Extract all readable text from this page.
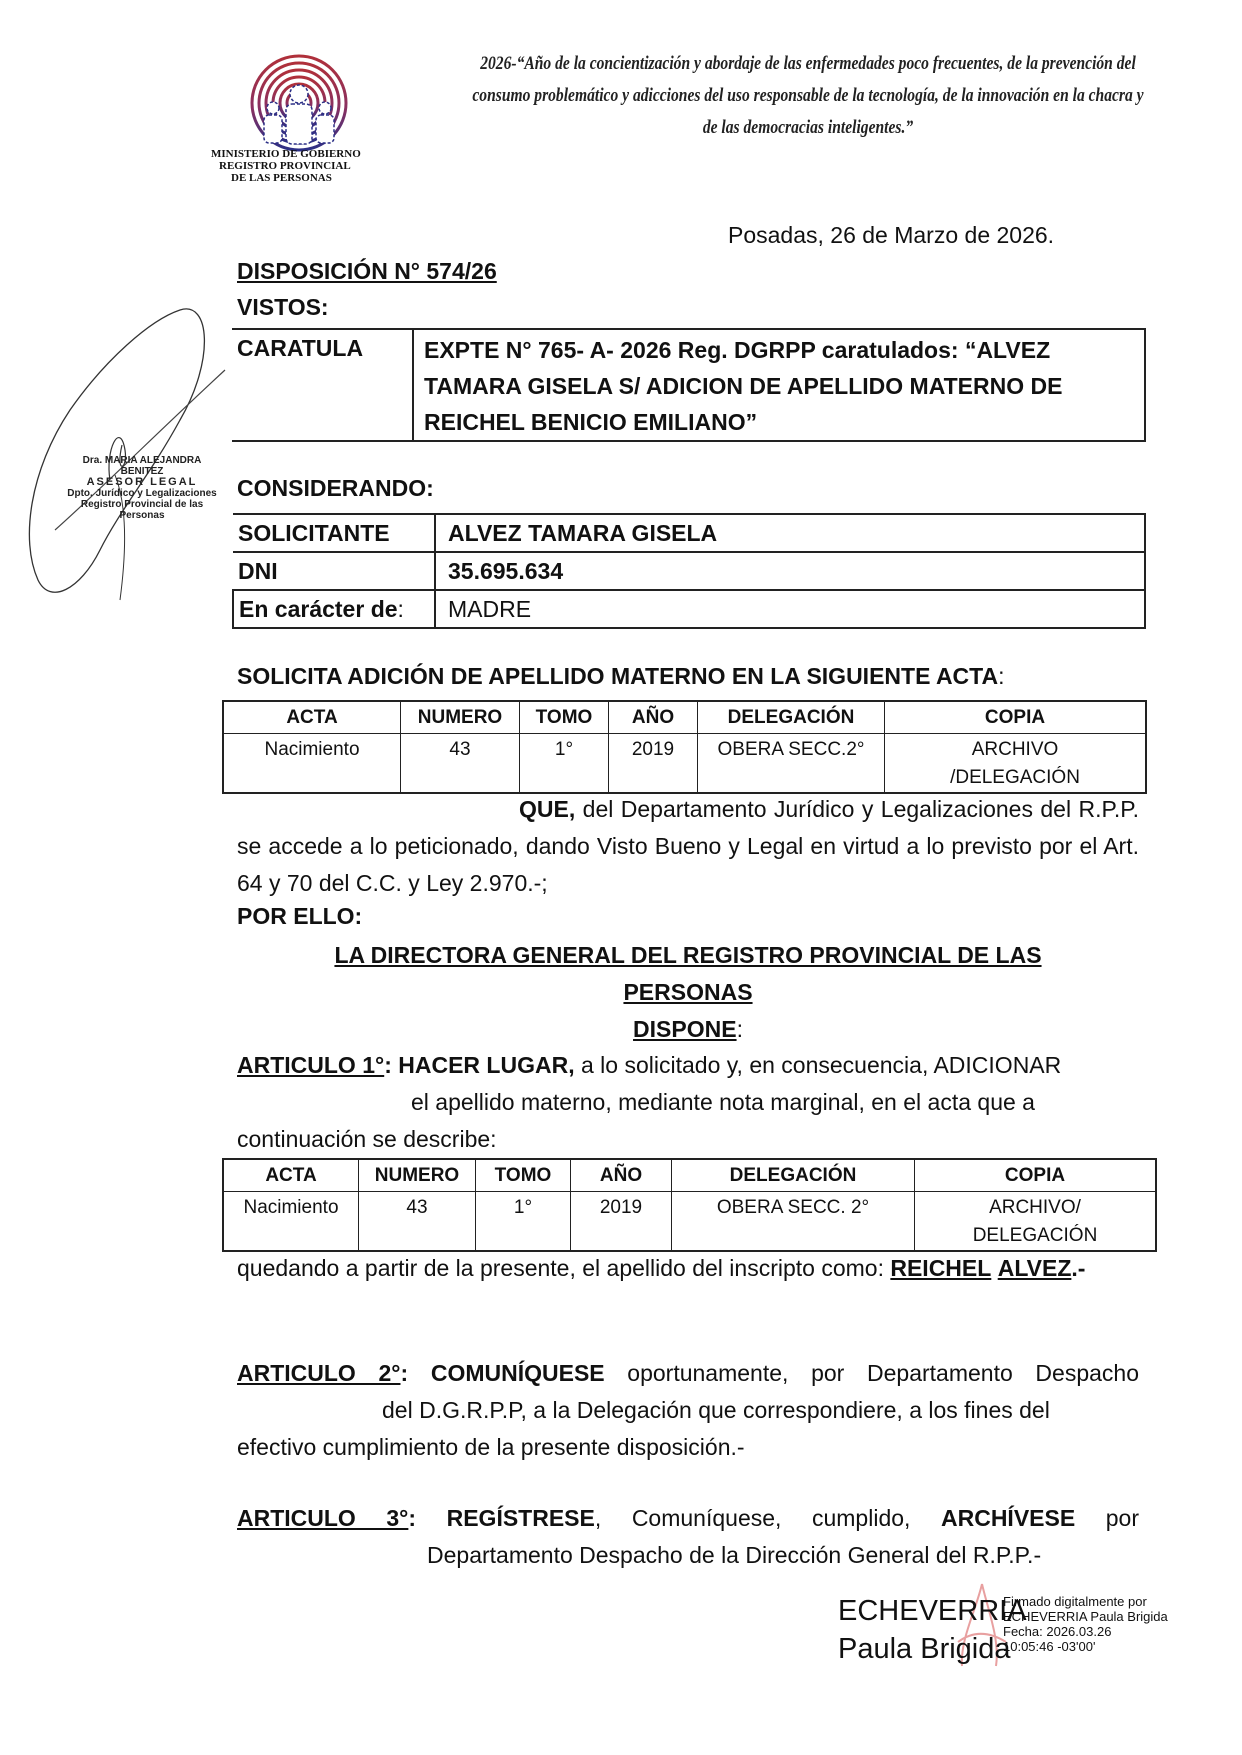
MINISTERIO DE GOBIERNO
REGISTRO PROVINCIAL
DE LAS PERSONAS
2026-“Año de la concientización y abordaje de las enfermedades poco frecuentes, de la prevención del
consumo problemático y adicciones del uso responsable de la tecnología, de la innovación en la chacra y
de las democracias inteligentes.”
Dra. MARIA ALEJANDRA BENITEZ
ASESOR LEGAL
Dpto. Jurídico y Legalizaciones
Registro Provincial de las Personas
Posadas, 26 de Marzo de 2026.
DISPOSICIÓN N° 574/26
VISTOS:
CARATULA	EXPTE N° 765- A- 2026 Reg. DGRPP caratulados: “ALVEZ TAMARA GISELA S/ ADICION DE APELLIDO MATERNO DE REICHEL BENICIO EMILIANO”
CONSIDERANDO:
SOLICITANTE	ALVEZ TAMARA GISELA
DNI	35.695.634
En carácter de:	MADRE
SOLICITA ADICIÓN DE APELLIDO MATERNO EN LA SIGUIENTE ACTA:
ACTA	NUMERO	TOMO	AÑO	DELEGACIÓN	COPIA
Nacimiento	43	1°	2019	OBERA SECC.2°	ARCHIVO /DELEGACIÓN
QUE, del Departamento Jurídico y Legalizaciones del R.P.P. se accede a lo peticionado, dando Visto Bueno y Legal en virtud a lo previsto por el Art. 64 y 70 del C.C. y Ley 2.970.-;
POR ELLO:
LA DIRECTORA GENERAL DEL REGISTRO PROVINCIAL DE LAS
PERSONAS
DISPONE:
ARTICULO 1°: HACER LUGAR, a lo solicitado y, en consecuencia, ADICIONAR
el apellido materno, mediante nota marginal, en el acta que a
continuación se describe:
ACTA	NUMERO	TOMO	AÑO	DELEGACIÓN	COPIA
Nacimiento	43	1°	2019	OBERA SECC. 2°	ARCHIVO/ DELEGACIÓN
quedando a partir de la presente, el apellido del inscripto como: REICHEL ALVEZ.-
ARTICULO 2°: COMUNÍQUESE oportunamente, por Departamento Despacho
del D.G.R.P.P, a la Delegación que correspondiere, a los fines del
efectivo cumplimiento de la presente disposición.-
ARTICULO 3°: REGÍSTRESE, Comuníquese, cumplido, ARCHÍVESE por
Departamento Despacho de la Dirección General del R.P.P.-
ECHEVERRIA
Paula Brigida
Firmado digitalmente por
ECHEVERRIA Paula Brigida
Fecha: 2026.03.26
10:05:46 -03'00'
